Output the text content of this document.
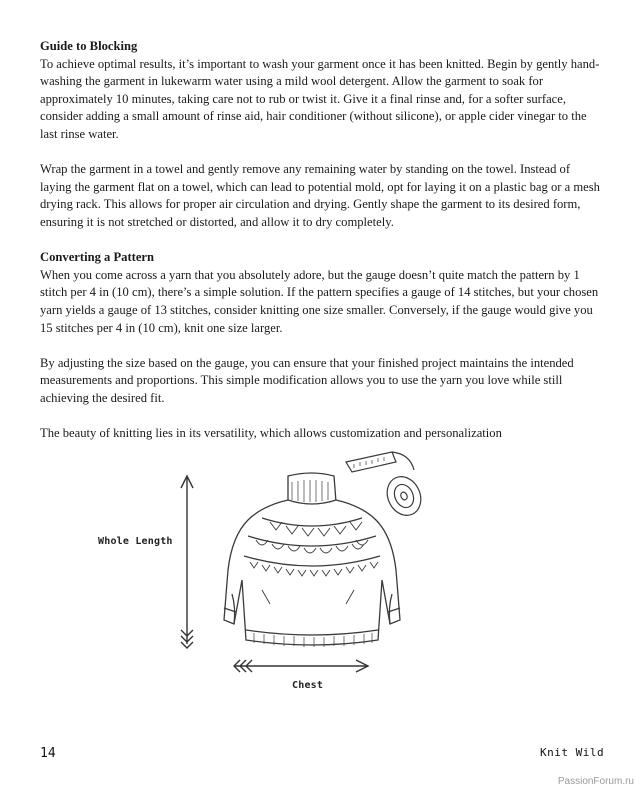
Guide to Blocking

To achieve optimal results, it’s important to wash your garment once it has been knitted. Begin by gently hand-washing the garment in lukewarm water using a mild wool detergent. Allow the garment to soak for approximately 10 minutes, taking care not to rub or twist it. Give it a final rinse and, for a softer surface, consider adding a small amount of rinse aid, hair conditioner (without silicone), or apple cider vinegar to the last rinse water.

Wrap the garment in a towel and gently remove any remaining water by standing on the towel. Instead of laying the garment flat on a towel, which can lead to potential mold, opt for laying it on a plastic bag or a mesh drying rack. This allows for proper air circulation and drying. Gently shape the garment to its desired form, ensuring it is not stretched or distorted, and allow it to dry completely.

Converting a Pattern

When you come across a yarn that you absolutely adore, but the gauge doesn’t quite match the pattern by 1 stitch per 4 in (10 cm), there’s a simple solution. If the pattern specifies a gauge of 14 stitches, but your chosen yarn yields a gauge of 13 stitches, consider knitting one size smaller. Conversely, if the gauge would give you 15 stitches per 4 in (10 cm), knit one size larger.

By adjusting the size based on the gauge, you can ensure that your finished project maintains the intended measurements and proportions. This simple modification allows you to use the yarn you love while still achieving the desired fit.

The beauty of knitting lies in its versatility, which allows customization and personalization

Whole Length
Chest
14	Knit Wild
PassionForum.ru
